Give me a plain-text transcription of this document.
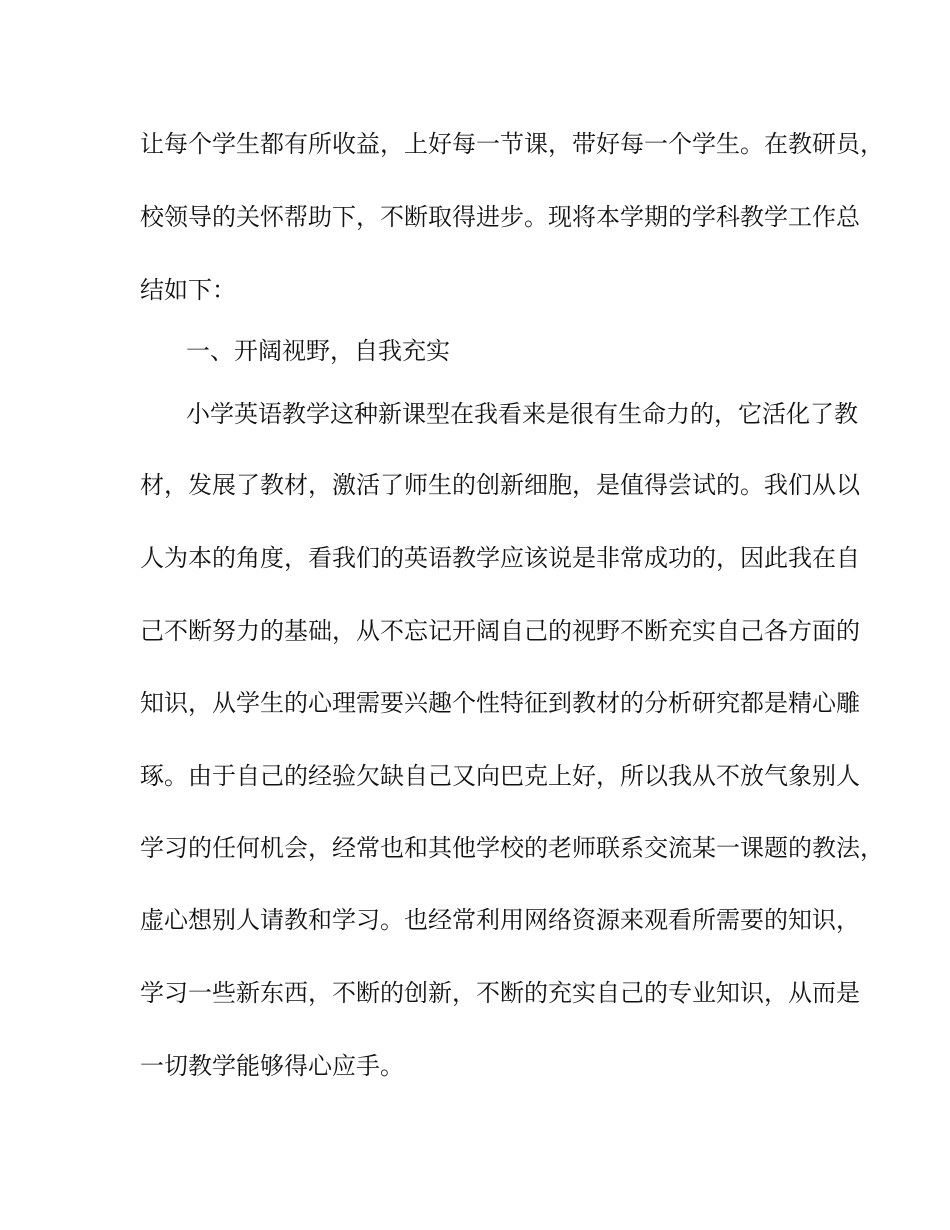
让每个学生都有所收益，上好每一节课，带好每一个学生。在教研员，
校领导的关怀帮助下，不断取得进步。现将本学期的学科教学工作总
结如下：
一、开阔视野，自我充实
小学英语教学这种新课型在我看来是很有生命力的，它活化了教
材，发展了教材，激活了师生的创新细胞，是值得尝试的。我们从以
人为本的角度，看我们的英语教学应该说是非常成功的，因此我在自
己不断努力的基础，从不忘记开阔自己的视野不断充实自己各方面的
知识，从学生的心理需要兴趣个性特征到教材的分析研究都是精心雕
琢。由于自己的经验欠缺自己又向巴克上好，所以我从不放气象别人
学习的任何机会，经常也和其他学校的老师联系交流某一课题的教法，
虚心想别人请教和学习。也经常利用网络资源来观看所需要的知识，
学习一些新东西，不断的创新，不断的充实自己的专业知识，从而是
一切教学能够得心应手。
